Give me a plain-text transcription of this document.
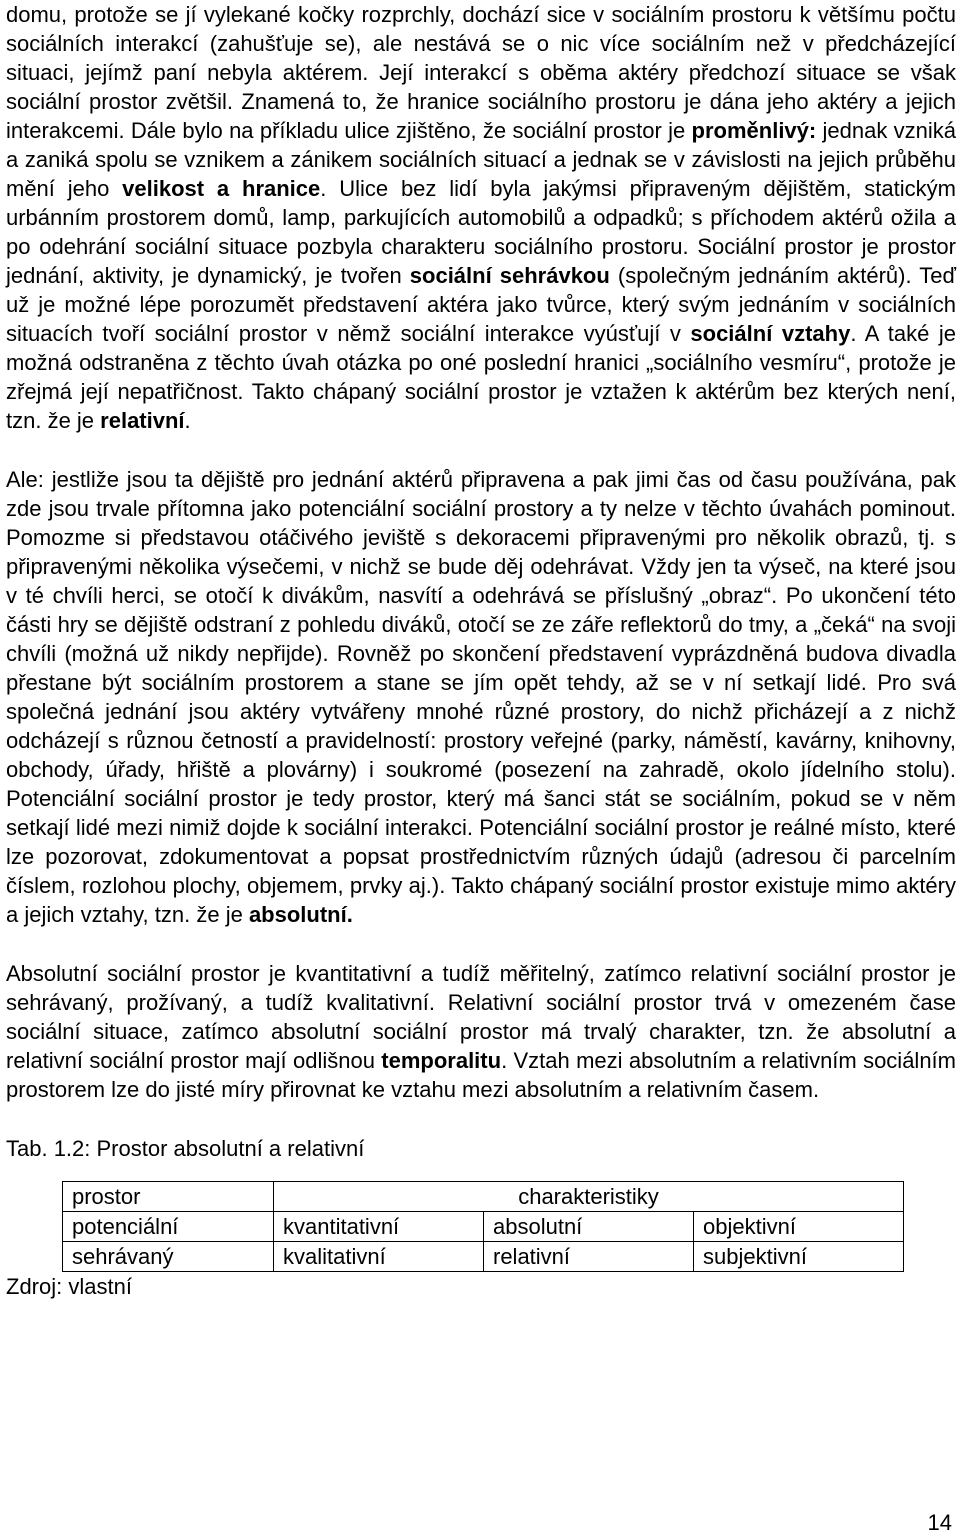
domu, protože se jí vylekané kočky rozprchly, dochází sice v sociálním prostoru k většímu počtu sociálních interakcí (zahušťuje se), ale nestává se o nic více sociálním než v předcházející situaci, jejímž paní nebyla aktérem. Její interakcí s oběma aktéry předchozí situace se však sociální prostor zvětšil. Znamená to, že hranice sociálního prostoru je dána jeho aktéry a jejich interakcemi. Dále bylo na příkladu ulice zjištěno, že sociální prostor je proměnlivý: jednak vzniká a zaniká spolu se vznikem a zánikem sociálních situací a jednak se v závislosti na jejich průběhu mění jeho velikost a hranice. Ulice bez lidí byla jakýmsi připraveným dějištěm, statickým urbánním prostorem domů, lamp, parkujících automobilů a odpadků; s příchodem aktérů ožila a po odehrání sociální situace pozbyla charakteru sociálního prostoru. Sociální prostor je prostor jednání, aktivity, je dynamický, je tvořen sociální sehrávkou (společným jednáním aktérů). Teď už je možné lépe porozumět představení aktéra jako tvůrce, který svým jednáním v sociálních situacích tvoří sociální prostor v němž sociální interakce vyúsťují v sociální vztahy. A také je možná odstraněna z těchto úvah otázka po oné poslední hranici „sociálního vesmíru“, protože je zřejmá její nepatřičnost. Takto chápaný sociální prostor je vztažen k aktérům bez kterých není, tzn. že je relativní.

Ale: jestliže jsou ta dějiště pro jednání aktérů připravena a pak jimi čas od času používána, pak zde jsou trvale přítomna jako potenciální sociální prostory a ty nelze v těchto úvahách pominout. Pomozme si představou otáčivého jeviště s dekoracemi připravenými pro několik obrazů, tj. s připravenými několika výsečemi, v nichž se bude děj odehrávat. Vždy jen ta výseč, na které jsou v té chvíli herci, se otočí k divákům, nasvítí a odehrává se příslušný „obraz“. Po ukončení této části hry se dějiště odstraní z pohledu diváků, otočí se ze záře reflektorů do tmy, a „čeká“ na svoji chvíli (možná už nikdy nepřijde). Rovněž po skončení představení vyprázdněná budova divadla přestane být sociálním prostorem a stane se jím opět tehdy, až se v ní setkají lidé. Pro svá společná jednání jsou aktéry vytvářeny mnohé různé prostory, do nichž přicházejí a z nichž odcházejí s různou četností a pravidelností: prostory veřejné (parky, náměstí, kavárny, knihovny, obchody, úřady, hřiště a plovárny) i soukromé (posezení na zahradě, okolo jídelního stolu). Potenciální sociální prostor je tedy prostor, který má šanci stát se sociálním, pokud se v něm setkají lidé mezi nimiž dojde k sociální interakci. Potenciální sociální prostor je reálné místo, které lze pozorovat, zdokumentovat a popsat prostřednictvím různých údajů (adresou či parcelním číslem, rozlohou plochy, objemem, prvky aj.). Takto chápaný sociální prostor existuje mimo aktéry a jejich vztahy, tzn. že je absolutní.

Absolutní sociální prostor je kvantitativní a tudíž měřitelný, zatímco relativní sociální prostor je sehrávaný, prožívaný, a tudíž kvalitativní. Relativní sociální prostor trvá v omezeném čase sociální situace, zatímco absolutní sociální prostor má trvalý charakter, tzn. že absolutní a relativní sociální prostor mají odlišnou temporalitu. Vztah mezi absolutním a relativním sociálním prostorem lze do jisté míry přirovnat ke vztahu mezi absolutním a relativním časem.

Tab. 1.2: Prostor absolutní a relativní
prostor	charakteristiky		
potenciální	kvantitativní	absolutní	objektivní
sehrávaný	kvalitativní	relativní	subjektivní
Zdroj: vlastní
14
